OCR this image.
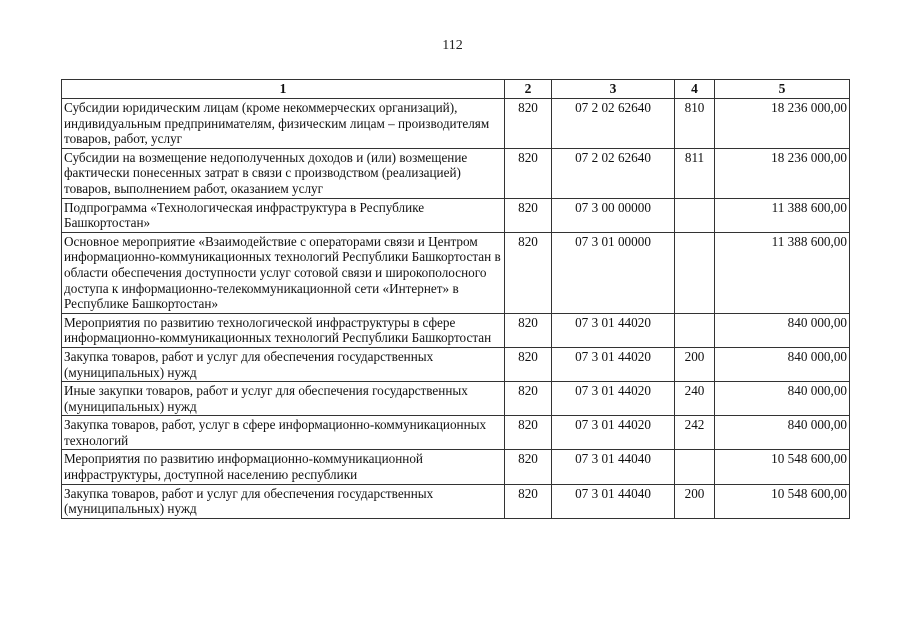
112
1	2	3	4	5
Субсидии юридическим лицам (кроме некоммерческих организаций), индивидуальным предпринимателям, физическим лицам – производителям товаров, работ, услуг	820	07 2 02 62640	810	18 236 000,00
Субсидии на возмещение недополученных доходов и (или) возмещение фактически понесенных затрат в связи с производством (реализацией) товаров, выполнением работ, оказанием услуг	820	07 2 02 62640	811	18 236 000,00
Подпрограмма «Технологическая инфраструктура в Республике Башкортостан»	820	07 3 00 00000		11 388 600,00
Основное мероприятие «Взаимодействие с операторами связи и Центром информационно-коммуникационных технологий Республики Башкортостан в области обеспечения доступности услуг сотовой связи и широкополосного доступа к информационно-телекоммуникационной сети «Интернет» в Республике Башкортостан»	820	07 3 01 00000		11 388 600,00
Мероприятия по развитию технологической инфраструктуры в сфере информационно-коммуникационных технологий Республики Башкортостан	820	07 3 01 44020		840 000,00
Закупка товаров, работ и услуг для обеспечения государственных (муниципальных) нужд	820	07 3 01 44020	200	840 000,00
Иные закупки товаров, работ и услуг для обеспечения государственных (муниципальных) нужд	820	07 3 01 44020	240	840 000,00
Закупка товаров, работ, услуг в сфере информационно-коммуникационных технологий	820	07 3 01 44020	242	840 000,00
Мероприятия по развитию информационно-коммуникационной инфраструктуры, доступной населению республики	820	07 3 01 44040		10 548 600,00
Закупка товаров, работ и услуг для обеспечения государственных (муниципальных) нужд	820	07 3 01 44040	200	10 548 600,00
